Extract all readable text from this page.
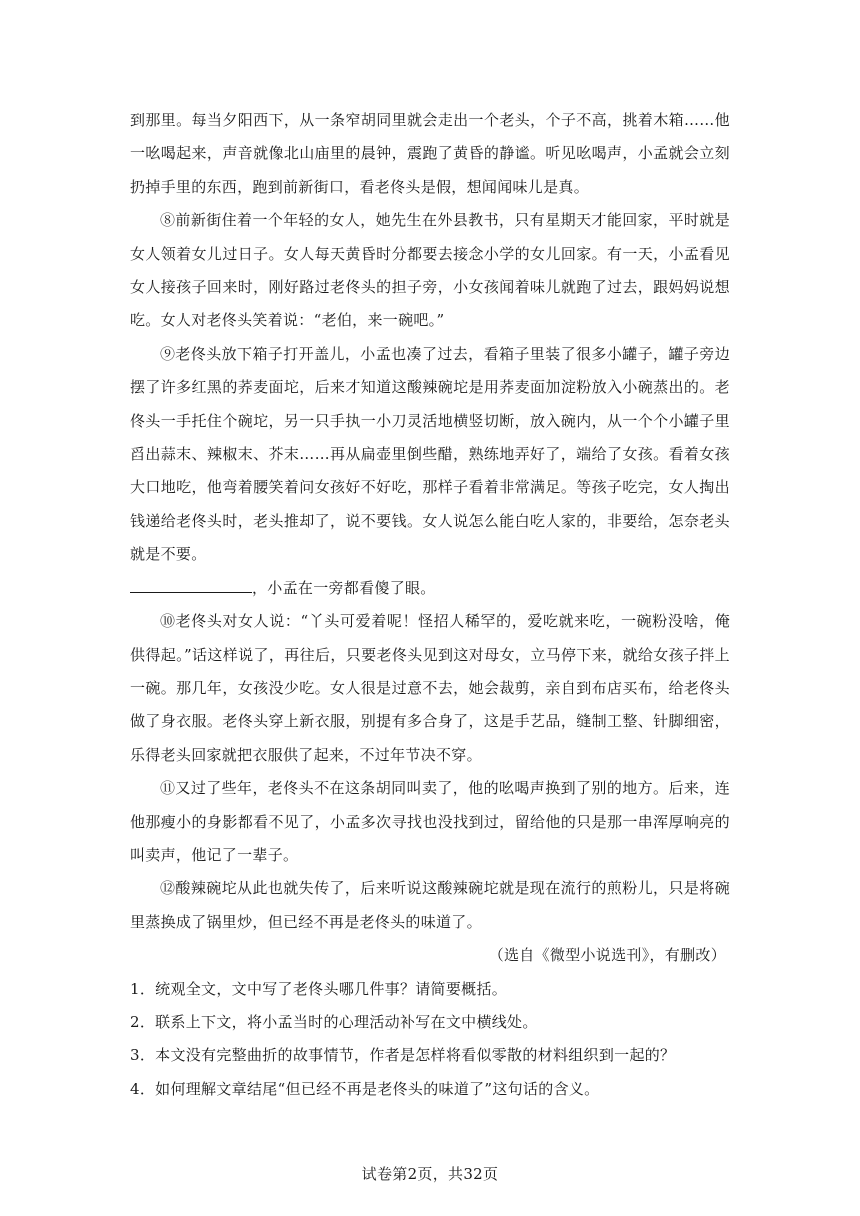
到那里。每当夕阳西下，从一条窄胡同里就会走出一个老头，个子不高，挑着木箱……他一吆喝起来，声音就像北山庙里的晨钟，震跑了黄昏的静谧。听见吆喝声，小孟就会立刻扔掉手里的东西，跑到前新街口，看老佟头是假，想闻闻味儿是真。

⑧前新街住着一个年轻的女人，她先生在外县教书，只有星期天才能回家，平时就是女人领着女儿过日子。女人每天黄昏时分都要去接念小学的女儿回家。有一天，小孟看见女人接孩子回来时，刚好路过老佟头的担子旁，小女孩闻着味儿就跑了过去，跟妈妈说想吃。女人对老佟头笑着说：“老伯，来一碗吧。”

⑨老佟头放下箱子打开盖儿，小孟也凑了过去，看箱子里装了很多小罐子，罐子旁边摆了许多红黑的荞麦面坨，后来才知道这酸辣碗坨是用荞麦面加淀粉放入小碗蒸出的。老佟头一手托住个碗坨，另一只手执一小刀灵活地横竖切断，放入碗内，从一个个小罐子里舀出蒜末、辣椒末、芥末……再从扁壶里倒些醋，熟练地弄好了，端给了女孩。看着女孩大口地吃，他弯着腰笑着问女孩好不好吃，那样子看着非常满足。等孩子吃完，女人掏出钱递给老佟头时，老头推却了，说不要钱。女人说怎么能白吃人家的，非要给，怎奈老头就是不要。
，小孟在一旁都看傻了眼。

⑩老佟头对女人说：“丫头可爱着呢！怪招人稀罕的，爱吃就来吃，一碗粉没啥，俺供得起。”话这样说了，再往后，只要老佟头见到这对母女，立马停下来，就给女孩子拌上一碗。那几年，女孩没少吃。女人很是过意不去，她会裁剪，亲自到布店买布，给老佟头做了身衣服。老佟头穿上新衣服，别提有多合身了，这是手艺品，缝制工整、针脚细密，乐得老头回家就把衣服供了起来，不过年节决不穿。

⑪又过了些年，老佟头不在这条胡同叫卖了，他的吆喝声换到了别的地方。后来，连他那瘦小的身影都看不见了，小孟多次寻找也没找到过，留给他的只是那一串浑厚响亮的叫卖声，他记了一辈子。

⑫酸辣碗坨从此也就失传了，后来听说这酸辣碗坨就是现在流行的煎粉儿，只是将碗里蒸换成了锅里炒，但已经不再是老佟头的味道了。

（选自《微型小说选刊》，有删改）

1．统观全文，文中写了老佟头哪几件事？请简要概括。

2．联系上下文，将小孟当时的心理活动补写在文中横线处。

3．本文没有完整曲折的故事情节，作者是怎样将看似零散的材料组织到一起的？

4．如何理解文章结尾“但已经不再是老佟头的味道了”这句话的含义。

试卷第2页，共32页
